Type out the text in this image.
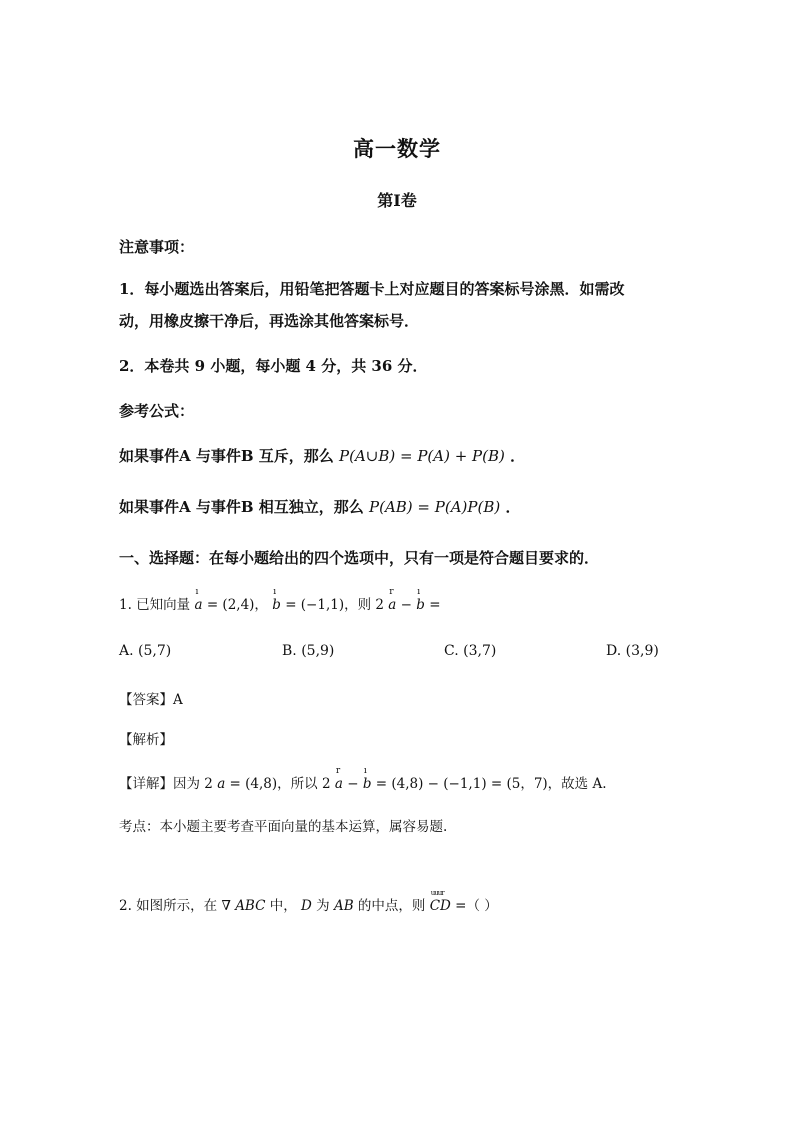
高一数学
第Ⅰ卷
注意事项：
1．每小题选出答案后，用铅笔把答题卡上对应题目的答案标号涂黑．如需改
动，用橡皮擦干净后，再选涂其他答案标号．
2．本卷共 9 小题，每小题 4 分，共 36 分．
参考公式：
如果事件A 与事件B 互斥，那么 P(A∪B) = P(A) + P(B) ．
如果事件A 与事件B 相互独立，那么 P(AB) = P(A)P(B) ．
一、选择题：在每小题给出的四个选项中，只有一项是符合题目要求的．
1. 已知向量
ı
a = (2,4)，
ı
b = (−1,1)，则 2
r
a −
ı
b =
A. (5,7)	B. (5,9)	C. (3,7)	D. (3,9)
【答案】A
【解析】
【详解】因为 2 a = (4,8)，所以 2
r
a −
ı
b = (4,8) − (−1,1) = (5，7)，故选 A.
考点：本小题主要考查平面向量的基本运算，属容易题.
2. 如图所示，在 ∇ ABC 中， D 为 AB 的中点，则
uuur
CD =（ ）
